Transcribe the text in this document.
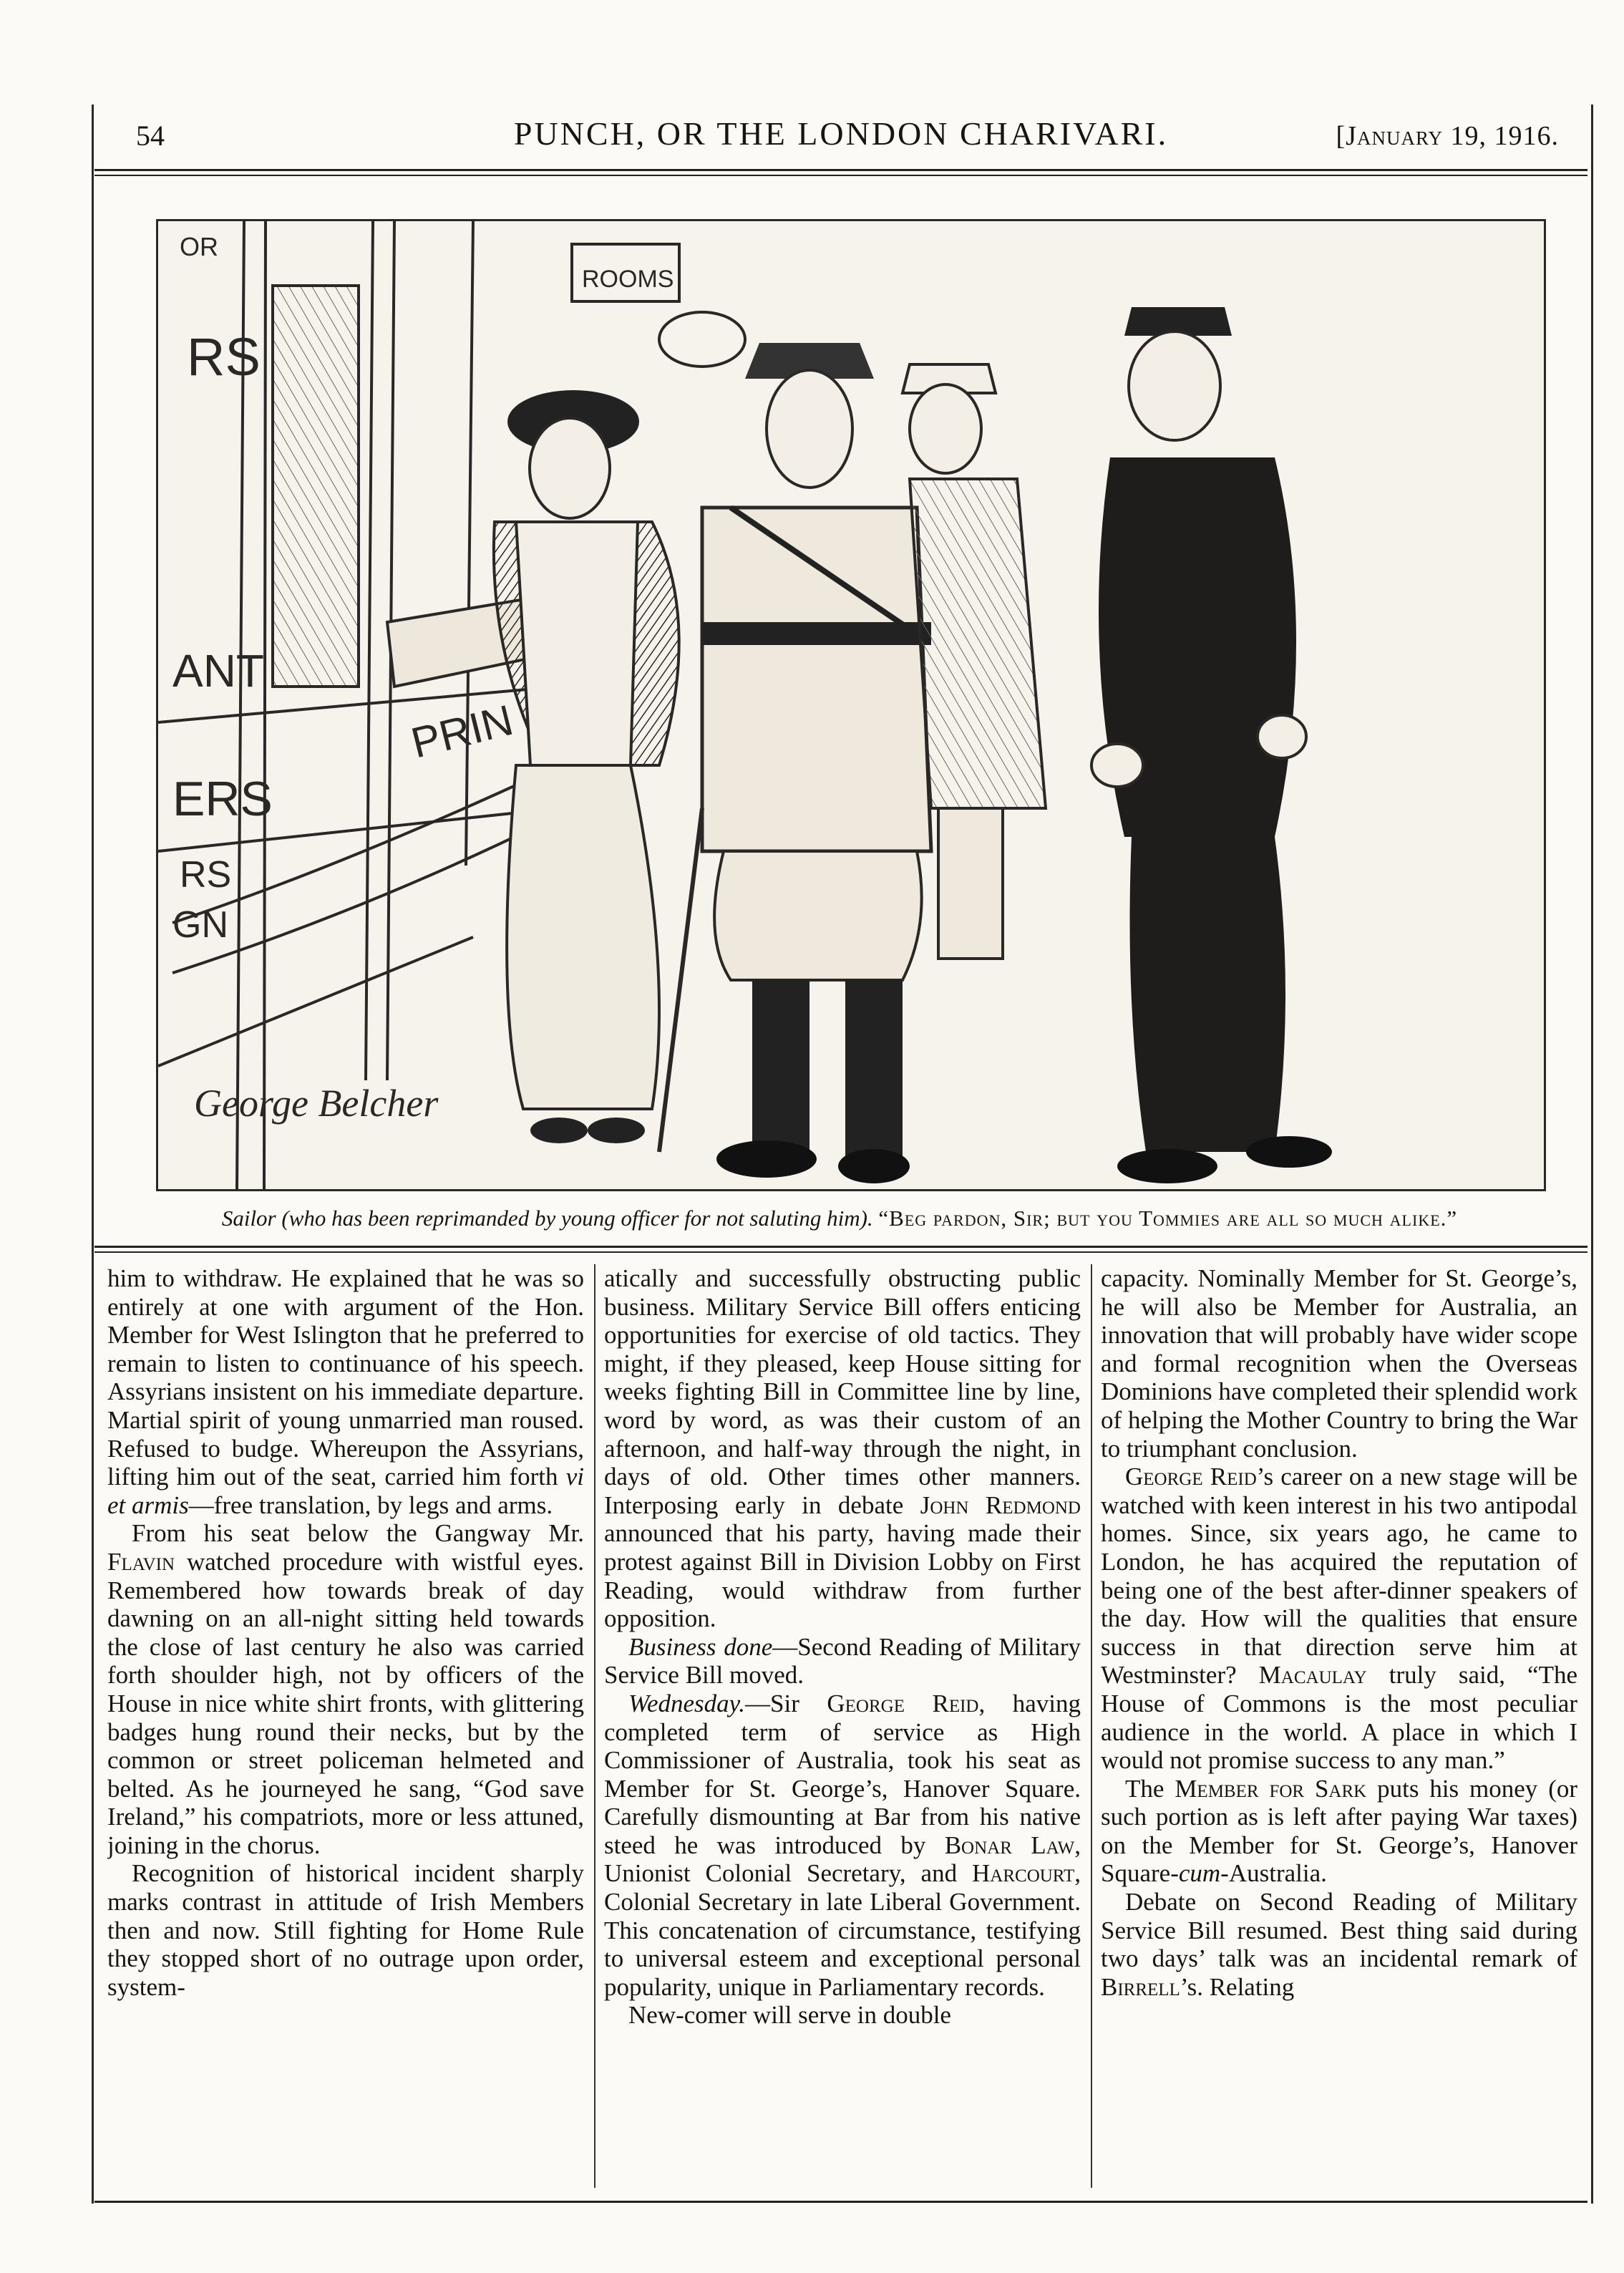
54	PUNCH, OR THE LONDON CHARIVARI.	[January 19, 1916.
OR
RS
ANT
ERS
RS
GN
PRIN
ROOMS
George Belcher
Sailor (who has been reprimanded by young officer for not saluting him). “Beg pardon, Sir; but you Tommies are all so much alike.”

him to withdraw. He explained that he was so entirely at one with argument of the Hon. Member for West Islington that he preferred to remain to listen to continuance of his speech. Assyrians insistent on his immediate departure. Martial spirit of young unmarried man roused. Refused to budge. Whereupon the Assyrians, lifting him out of the seat, carried him forth vi et armis—free translation, by legs and arms.

From his seat below the Gangway Mr. Flavin watched procedure with wistful eyes. Remembered how towards break of day dawning on an all-night sitting held towards the close of last century he also was carried forth shoulder high, not by officers of the House in nice white shirt fronts, with glittering badges hung round their necks, but by the common or street policeman helmeted and belted. As he journeyed he sang, “God save Ireland,” his compatriots, more or less attuned, joining in the chorus.

Recognition of historical incident sharply marks contrast in attitude of Irish Members then and now. Still fighting for Home Rule they stopped short of no outrage upon order, system-

atically and successfully obstructing public business. Military Service Bill offers enticing opportunities for exercise of old tactics. They might, if they pleased, keep House sitting for weeks fighting Bill in Committee line by line, word by word, as was their custom of an afternoon, and half-way through the night, in days of old. Other times other manners. Interposing early in debate John Redmond announced that his party, having made their protest against Bill in Division Lobby on First Reading, would withdraw from further opposition.

Business done—Second Reading of Military Service Bill moved.

Wednesday.—Sir George Reid, having completed term of service as High Commissioner of Australia, took his seat as Member for St. George’s, Hanover Square. Carefully dismounting at Bar from his native steed he was introduced by Bonar Law, Unionist Colonial Secretary, and Harcourt, Colonial Secretary in late Liberal Government. This concatenation of circumstance, testifying to universal esteem and exceptional personal popularity, unique in Parliamentary records.

New-comer will serve in double

capacity. Nominally Member for St. George’s, he will also be Member for Australia, an innovation that will probably have wider scope and formal recognition when the Overseas Dominions have completed their splendid work of helping the Mother Country to bring the War to triumphant conclusion.

George Reid’s career on a new stage will be watched with keen interest in his two antipodal homes. Since, six years ago, he came to London, he has acquired the reputation of being one of the best after-dinner speakers of the day. How will the qualities that ensure success in that direction serve him at Westminster? Macaulay truly said, “The House of Commons is the most peculiar audience in the world. A place in which I would not promise success to any man.”

The Member for Sark puts his money (or such portion as is left after paying War taxes) on the Member for St. George’s, Hanover Square-cum-Australia.

Debate on Second Reading of Military Service Bill resumed. Best thing said during two days’ talk was an incidental remark of Birrell’s. Relating
